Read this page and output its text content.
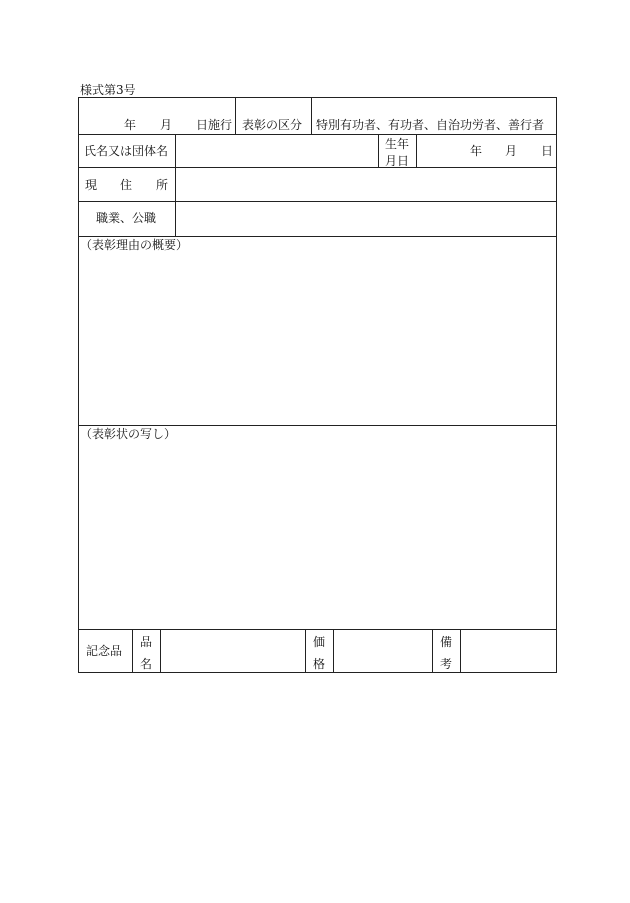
様式第3号
年 月 日施行 表彰の区分 特別有功者、有功者、自治功労者、善行者
氏名又は団体名	生年
月日
年 月 日
現 住 所
職業、公職
（表彰理由の概要）
（表彰状の写し）
記念品
品
名
価
格
備
考
